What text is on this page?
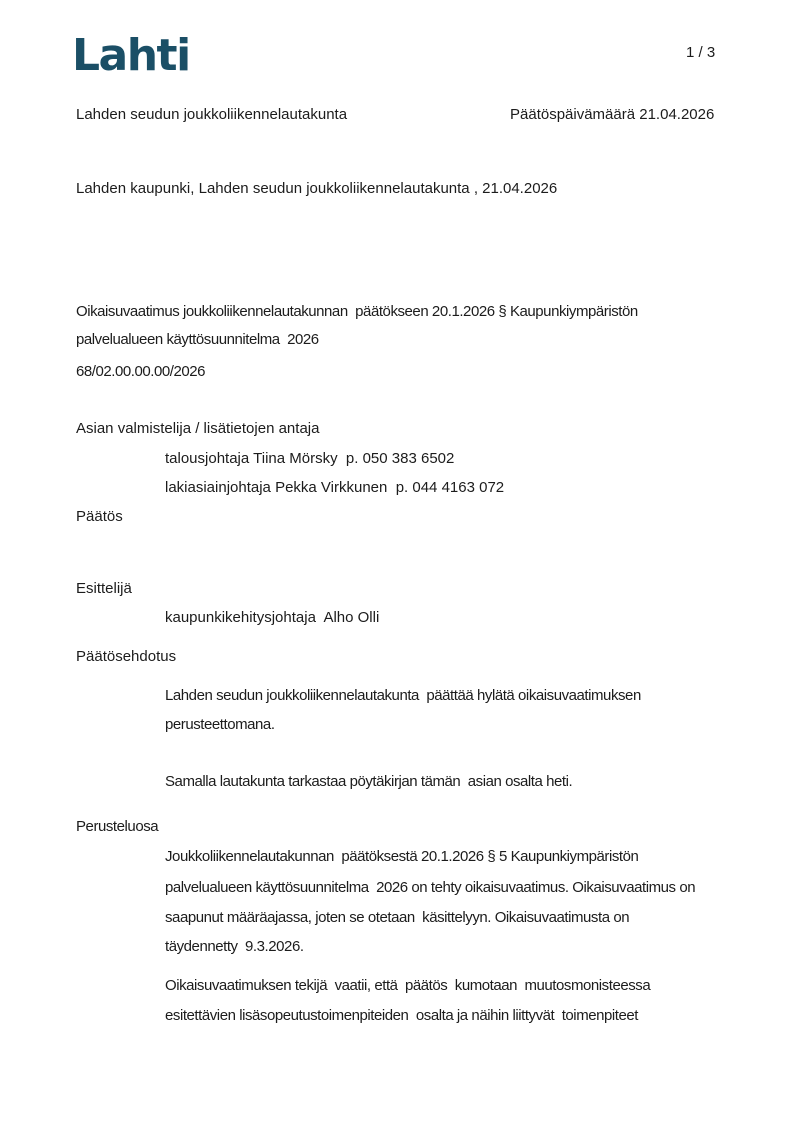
Lahti	1 / 3
Lahden seudun joukkoliikennelautakunta	Päätöspäivämäärä 21.04.2026
Lahden kaupunki, Lahden seudun joukkoliikennelautakunta , 21.04.2026
Oikaisuvaatimus joukkoliikennelautakunnan  päätökseen 20.1.2026 § Kaupunkiympäristön
palvelualueen käyttösuunnitelma  2026
68/02.00.00.00/2026
Asian valmistelija / lisätietojen antaja
talousjohtaja Tiina Mörsky  p. 050 383 6502
lakiasiainjohtaja Pekka Virkkunen  p. 044 4163 072
Päätös
Esittelijä
kaupunkikehitysjohtaja  Alho Olli
Päätösehdotus
Lahden seudun joukkoliikennelautakunta  päättää hylätä oikaisuvaatimuksen
perusteettomana.
Samalla lautakunta tarkastaa pöytäkirjan tämän  asian osalta heti.
Perusteluosa
Joukkoliikennelautakunnan  päätöksestä 20.1.2026 § 5 Kaupunkiympäristön
palvelualueen käyttösuunnitelma  2026 on tehty oikaisuvaatimus. Oikaisuvaatimus on
saapunut määräajassa, joten se otetaan  käsittelyyn. Oikaisuvaatimusta on
täydennetty  9.3.2026.
Oikaisuvaatimuksen tekijä  vaatii, että  päätös  kumotaan  muutosmonisteessa
esitettävien lisäsopeutustoimenpiteiden  osalta ja näihin liittyvät  toimenpiteet
